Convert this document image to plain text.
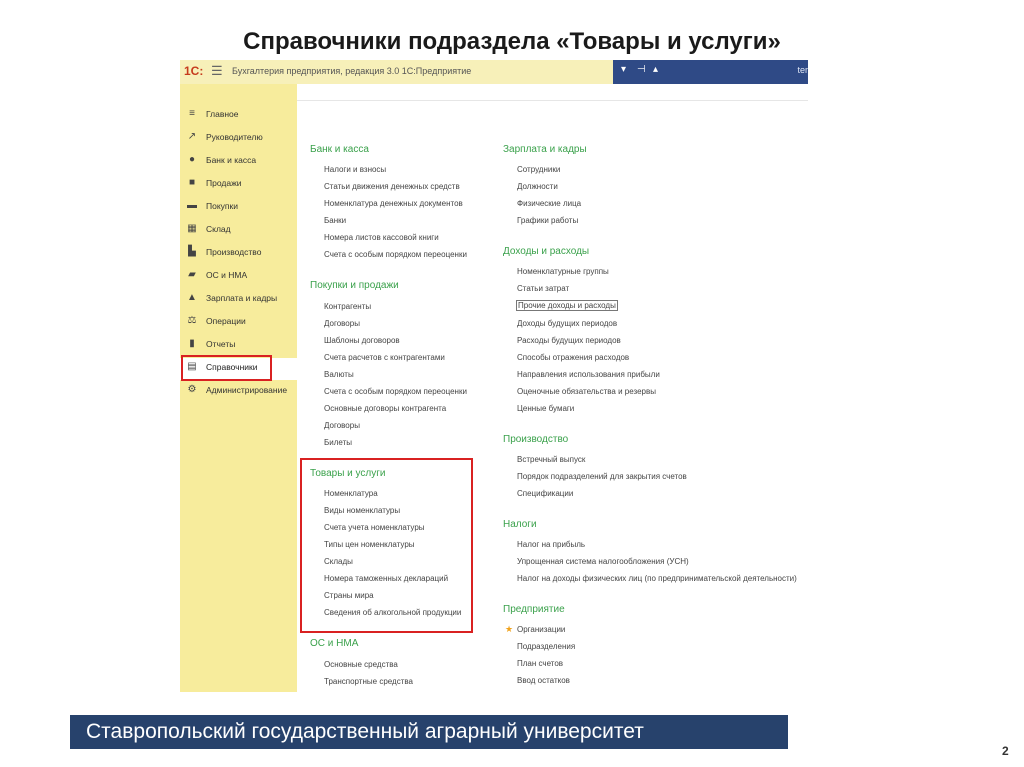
Справочники подраздела «Товары и услуги»
1С: ☰ Бухгалтерия предприятия, редакция 3.0 1С:Предприятие	▾ ⊣ ▴	ter
≡	Главное
↗ Руководителю
●	Банк и касса
■	Продажи
▬ Покупки
▦ Склад
▙ Производство
▰ ОС и НМА
▲ Зарплата и кадры
⚖ Операции
▮	Отчеты
▤ Справочники
⚙ Администрирование
Банк и касса
Налоги и взносы
Статьи движения денежных средств
Номенклатура денежных документов
Банки
Номера листов кассовой книги
Счета с особым порядком переоценки
Покупки и продажи
Контрагенты
Договоры
Шаблоны договоров
Счета расчетов с контрагентами
Валюты
Счета с особым порядком переоценки
Основные договоры контрагента
Договоры
Билеты
Товары и услуги
Номенклатура
Виды номенклатуры
Счета учета номенклатуры
Типы цен номенклатуры
Склады
Номера таможенных деклараций
Страны мира
Сведения об алкогольной продукции
ОС и НМА
Основные средства
Транспортные средства
Зарплата и кадры
Сотрудники
Должности
Физические лица
Графики работы
Доходы и расходы
Номенклатурные группы
Статьи затрат
Прочие доходы и расходы
Доходы будущих периодов
Расходы будущих периодов
Способы отражения расходов
Направления использования прибыли
Оценочные обязательства и резервы
Ценные бумаги
Производство
Встречный выпуск
Порядок подразделений для закрытия счетов
Спецификации
Налоги
Налог на прибыль
Упрощенная система налогообложения (УСН)
Налог на доходы физических лиц (по предпринимательской деятельности)
Предприятие
★ Организации
Подразделения
План счетов
Ввод остатков
Ставропольский государственный аграрный университет
2
